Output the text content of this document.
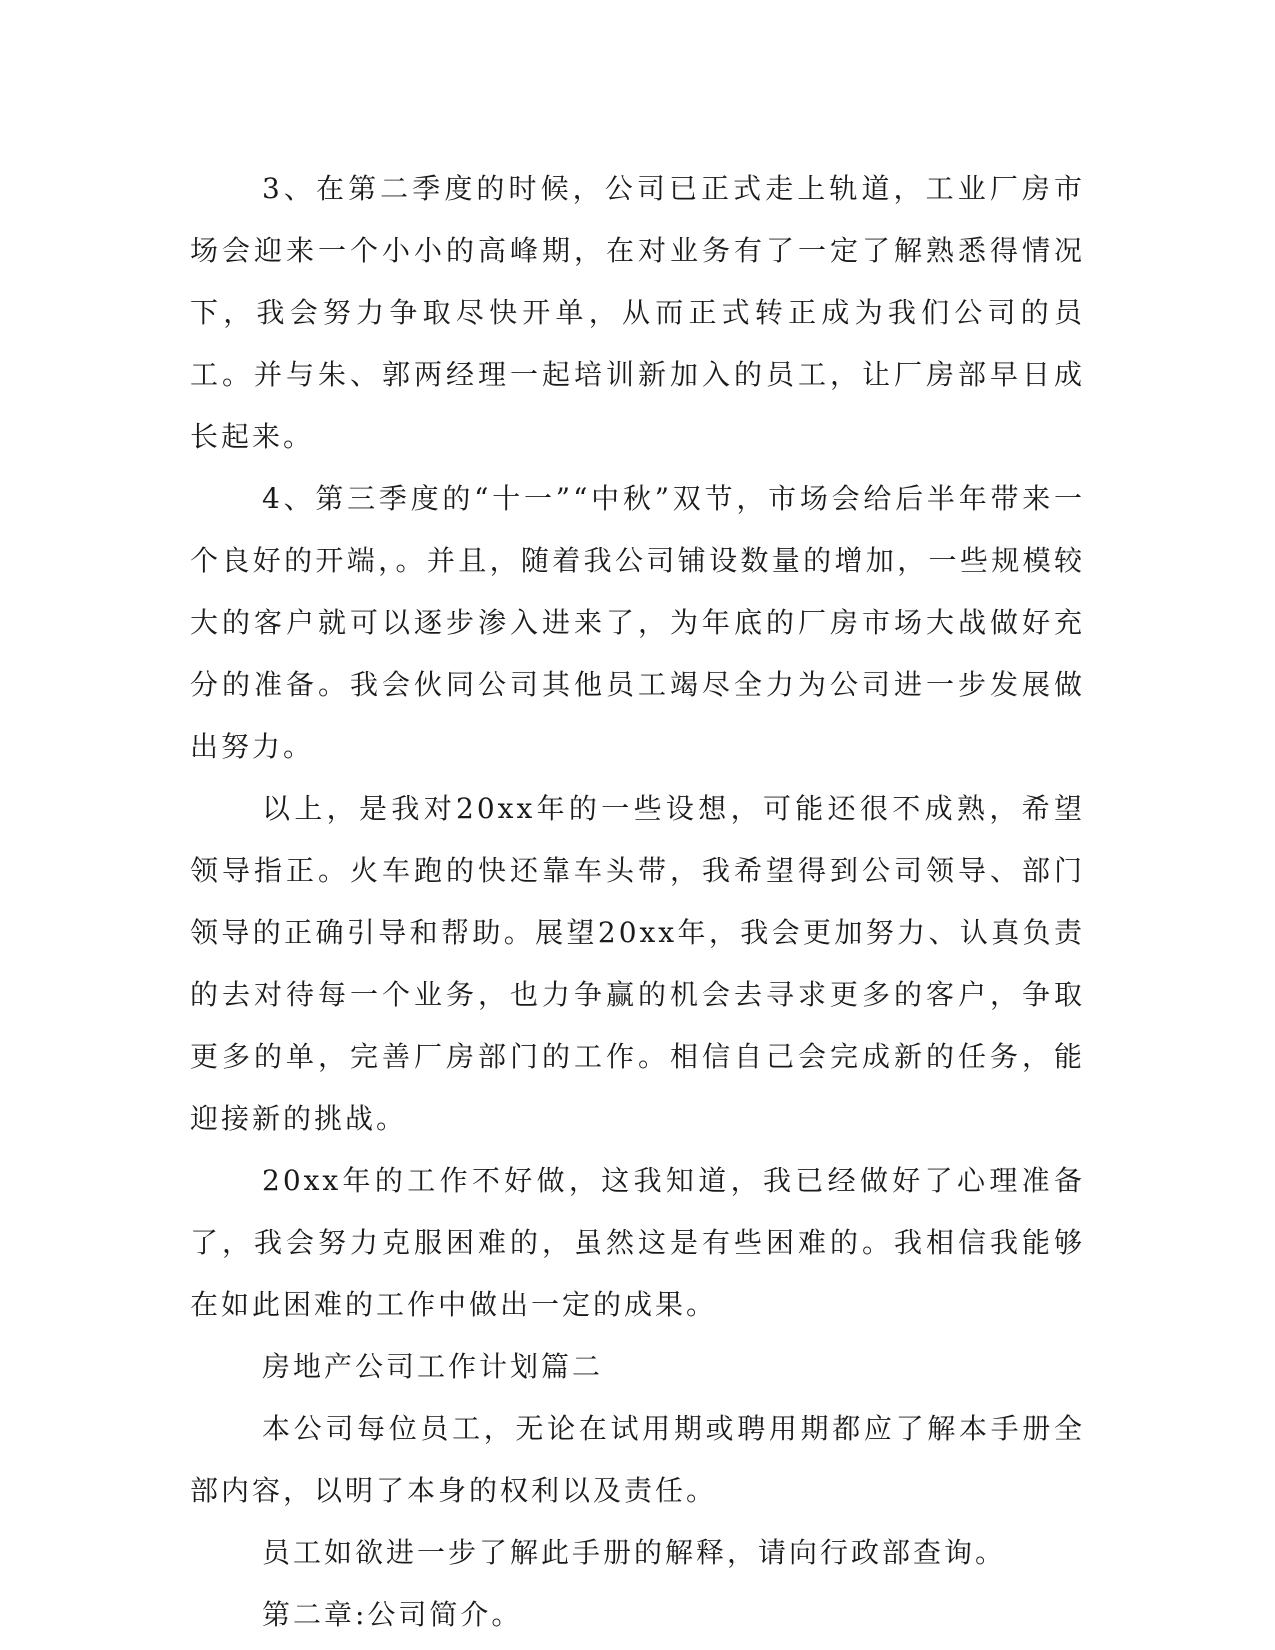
3、在第二季度的时候，公司已正式走上轨道，工业厂房市场会迎来一个小小的高峰期，在对业务有了一定了解熟悉得情况下，我会努力争取尽快开单，从而正式转正成为我们公司的员工。并与朱、郭两经理一起培训新加入的员工，让厂房部早日成长起来。

4、第三季度的“十一”“中秋”双节，市场会给后半年带来一个良好的开端，。并且，随着我公司铺设数量的增加，一些规模较大的客户就可以逐步渗入进来了，为年底的厂房市场大战做好充分的准备。我会伙同公司其他员工竭尽全力为公司进一步发展做出努力。

以上，是我对20xx年的一些设想，可能还很不成熟，希望领导指正。火车跑的快还靠车头带，我希望得到公司领导、部门领导的正确引导和帮助。展望20xx年，我会更加努力、认真负责的去对待每一个业务，也力争赢的机会去寻求更多的客户，争取更多的单，完善厂房部门的工作。相信自己会完成新的任务，能迎接新的挑战。

20xx年的工作不好做，这我知道，我已经做好了心理准备了，我会努力克服困难的，虽然这是有些困难的。我相信我能够在如此困难的工作中做出一定的成果。

房地产公司工作计划篇二

本公司每位员工，无论在试用期或聘用期都应了解本手册全部内容，以明了本身的权利以及责任。

员工如欲进一步了解此手册的解释，请向行政部查询。

第二章:公司简介。
